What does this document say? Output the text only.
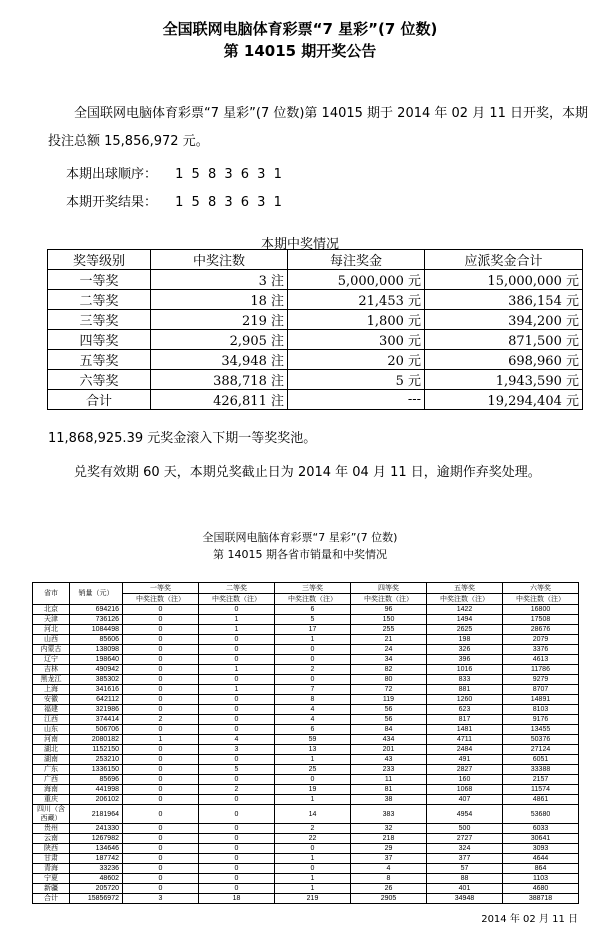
全国联网电脑体育彩票“7 星彩”(7 位数)
第 14015 期开奖公告
全国联网电脑体育彩票“7 星彩”(7 位数)第 14015 期于 2014 年 02 月 11 日开奖，本期投注总额 15,856,972 元。
本期出球顺序： 1 5 8 3 6 3 1
本期开奖结果： 1 5 8 3 6 3 1
本期中奖情况
奖等级别	中奖注数	每注奖金	应派奖金合计
一等奖	3 注	5,000,000 元	15,000,000 元
二等奖	18 注	21,453 元	386,154 元
三等奖	219 注	1,800 元	394,200 元
四等奖	2,905 注	300 元	871,500 元
五等奖	34,948 注	20 元	698,960 元
六等奖	388,718 注	5 元	1,943,590 元
合计	426,811 注	---	19,294,404 元
11,868,925.39 元奖金滚入下期一等奖奖池。
兑奖有效期 60 天，本期兑奖截止日为 2014 年 04 月 11 日，逾期作弃奖处理。
全国联网电脑体育彩票“7 星彩”(7 位数)
第 14015 期各省市销量和中奖情况
省市	销量（元）	一等奖	二等奖	三等奖	四等奖	五等奖	六等奖
		中奖注数（注）	中奖注数（注）	中奖注数（注）	中奖注数（注）	中奖注数（注）	中奖注数（注）
北京	694216	0	0	6	96	1422	16800
天津	736126	0	1	5	150	1494	17508
河北	1084498	0	1	17	255	2625	28676
山西	85606	0	0	1	21	198	2079
内蒙古	138098	0	0	0	24	326	3376
辽宁	198640	0	0	0	34	396	4613
吉林	490942	0	1	2	82	1016	11786
黑龙江	385302	0	0	0	80	833	9279
上海	341616	0	1	7	72	881	8707
安徽	642112	0	0	8	119	1260	14891
福建	321986	0	0	4	56	623	8103
江西	374414	2	0	4	56	817	9176
山东	506706	0	0	6	84	1481	13455
河南	2080182	1	4	59	434	4711	50376
湖北	1152150	0	3	13	201	2484	27124
湖南	253210	0	0	1	43	491	6051
广东	1336150	0	5	25	233	2827	33388
广西	85696	0	0	0	11	160	2157
海南	441998	0	2	19	81	1068	11574
重庆	206102	0	0	1	38	407	4861
四川（含西藏）	2181964	0	0	14	383	4954	53680
贵州	241330	0	0	2	32	500	6033
云南	1267982	0	0	22	218	2727	30641
陕西	134646	0	0	0	29	324	3093
甘肃	187742	0	0	1	37	377	4644
青海	33236	0	0	0	4	57	864
宁夏	48602	0	0	1	8	88	1103
新疆	205720	0	0	1	26	401	4680
合计	15856972	3	18	219	2905	34948	388718
2014 年 02 月 11 日
